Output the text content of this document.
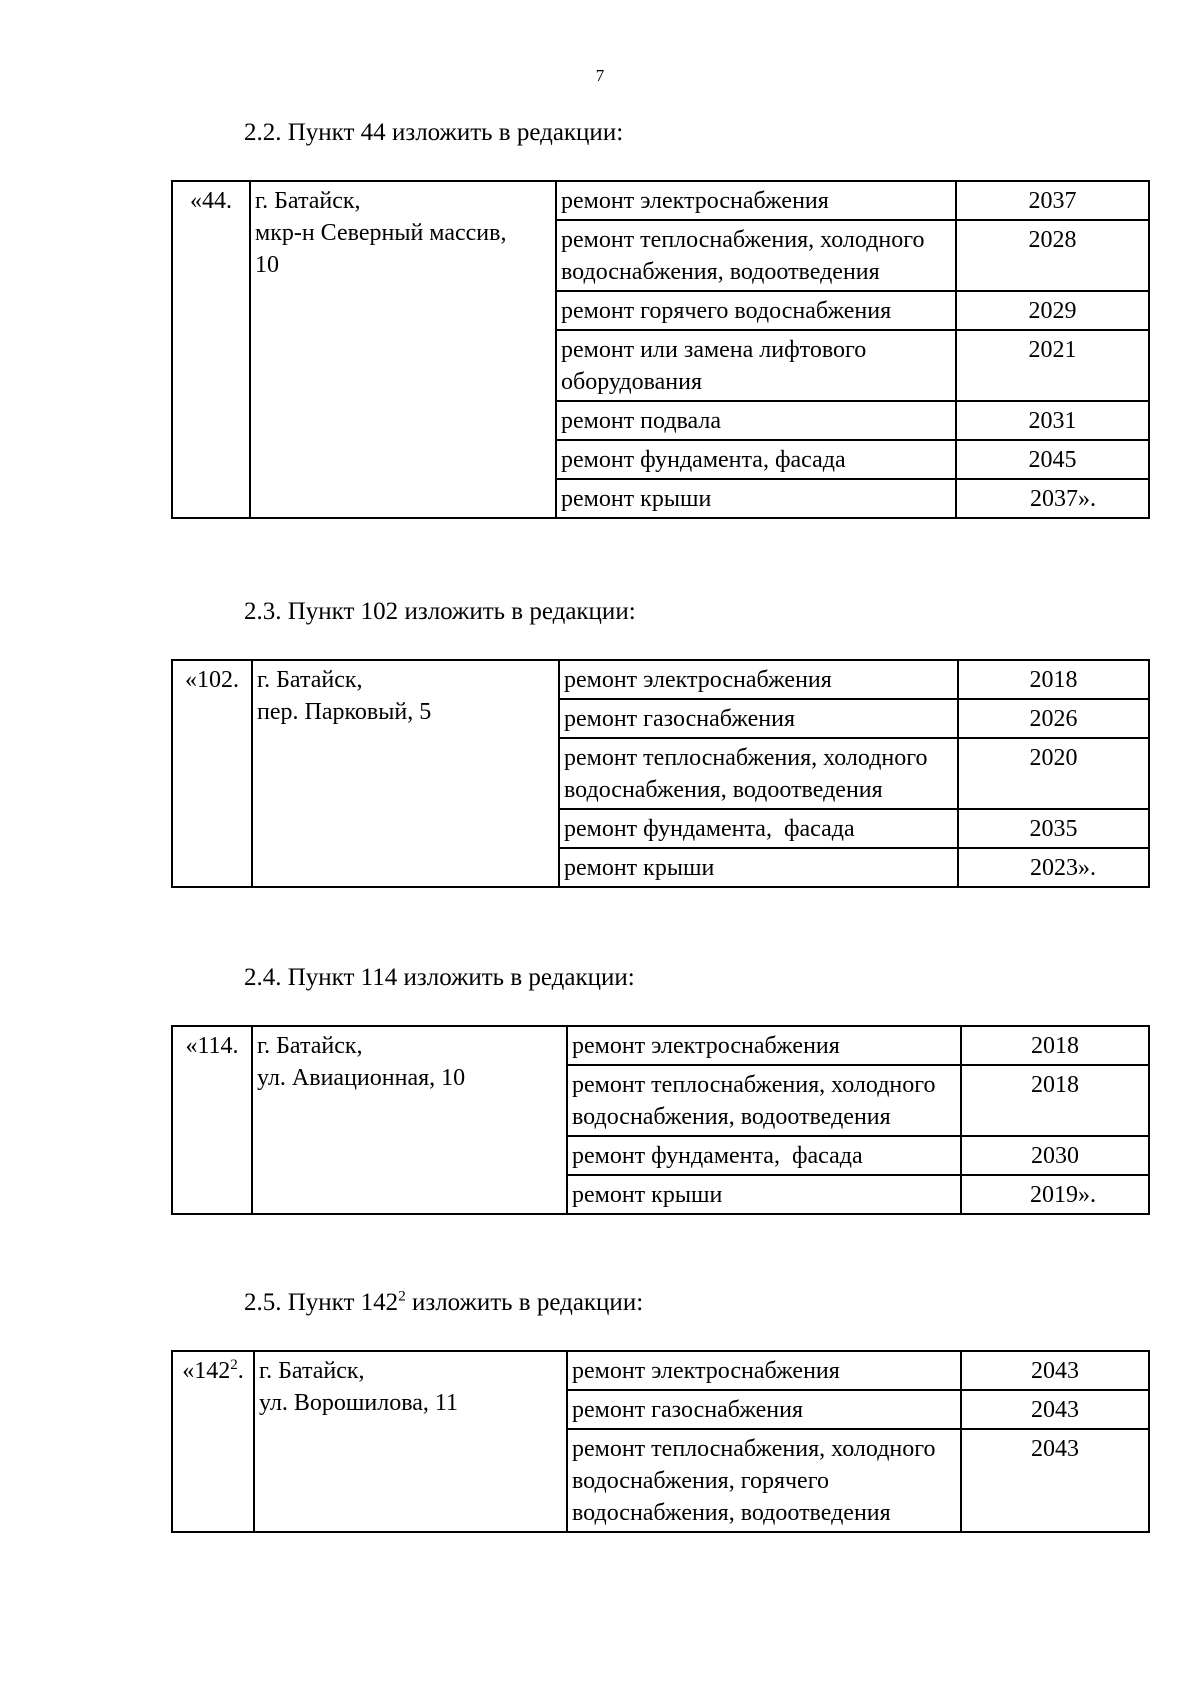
7
2.2. Пункт 44 изложить в редакции:
«44.	г. Батайск,
мкр-н Северный массив,
10	ремонт электроснабжения	2037
		ремонт теплоснабжения, холодного водоснабжения, водоотведения	2028
		ремонт горячего водоснабжения	2029
		ремонт или замена лифтового оборудования	2021
		ремонт подвала	2031
		ремонт фундамента, фасада	2045
		ремонт крыши	2037».
2.3. Пункт 102 изложить в редакции:
«102.	г. Батайск,
пер. Парковый, 5	ремонт электроснабжения	2018
		ремонт газоснабжения	2026
		ремонт теплоснабжения, холодного водоснабжения, водоотведения	2020
		ремонт фундамента,  фасада	2035
		ремонт крыши	2023».
2.4. Пункт 114 изложить в редакции:
«114.	г. Батайск,
ул. Авиационная, 10	ремонт электроснабжения	2018
		ремонт теплоснабжения, холодного водоснабжения, водоотведения	2018
		ремонт фундамента,  фасада	2030
		ремонт крыши	2019».
2.5. Пункт $142^2$ изложить в редакции:
«$142^2$.	г. Батайск,
ул. Ворошилова, 11	ремонт электроснабжения	2043
		ремонт газоснабжения	2043
		ремонт теплоснабжения, холодного водоснабжения, горячего водоснабжения, водоотведения	2043
